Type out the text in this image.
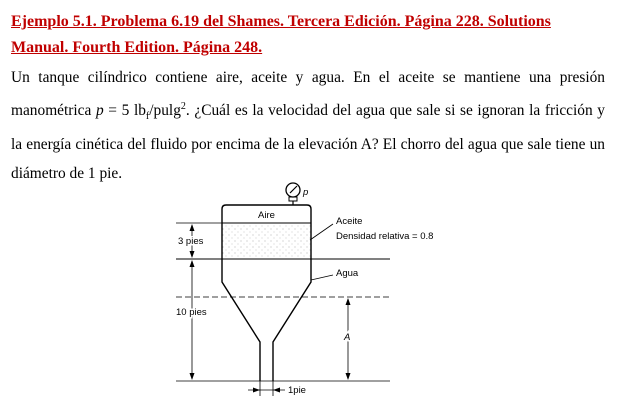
Ejemplo 5.1. Problema 6.19 del Shames. Tercera Edición. Página 228. Solutions
Manual. Fourth Edition. Página 248.
Un tanque cilíndrico contiene aire, aceite y agua. En el aceite se mantiene una presión manométrica p = 5 $lb_f/pulg^2$. ¿Cuál es la velocidad del agua que sale si se ignoran la fricción y la energía cinética del fluido por encima de la elevación A? El chorro del agua que sale tiene un diámetro de 1 pie.
p
Aire
Aceite
Densidad relativa = 0.8
Agua
3 pies
10 pies
A
1pie
